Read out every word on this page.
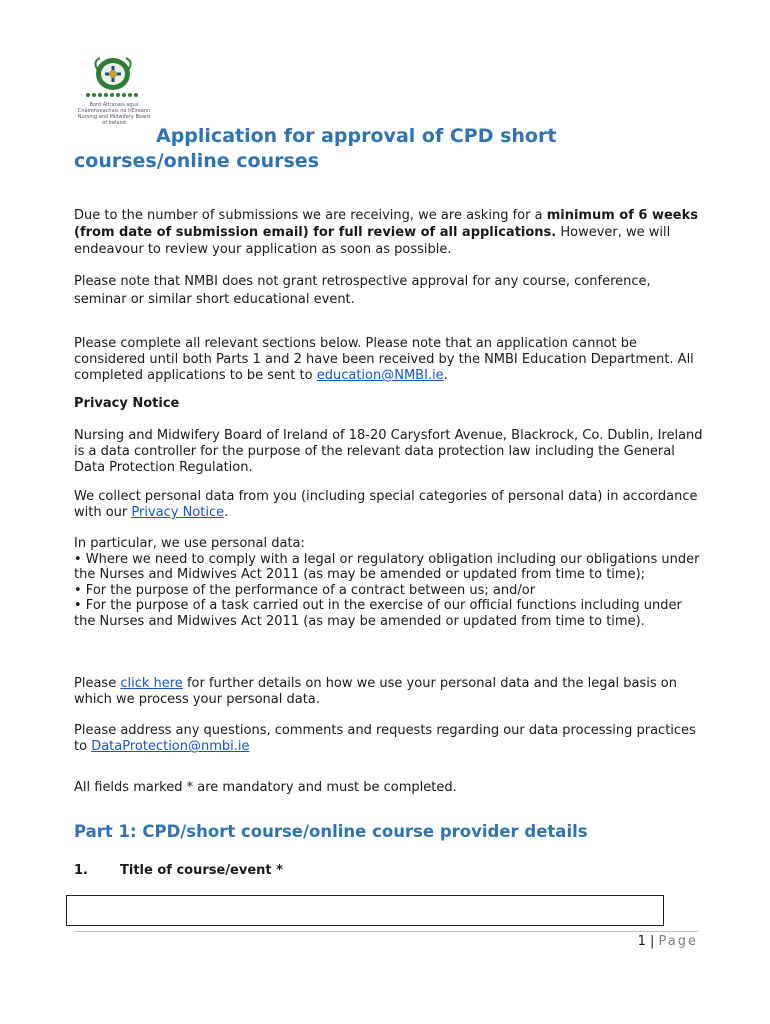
Bord Altranais agus
Cnáimhseachais na hÉireann
Nursing and Midwifery Board
of Ireland
Application for approval of CPD short
courses/online courses

Due to the number of submissions we are receiving, we are asking for a minimum of 6 weeks (from date of submission email) for full review of all applications. However, we will endeavour to review your application as soon as possible.

Please note that NMBI does not grant retrospective approval for any course, conference, seminar or similar short educational event.

Please complete all relevant sections below. Please note that an application cannot be considered until both Parts 1 and 2 have been received by the NMBI Education Department. All completed applications to be sent to education@NMBI.ie.

Privacy Notice

Nursing and Midwifery Board of Ireland of 18-20 Carysfort Avenue, Blackrock, Co. Dublin, Ireland is a data controller for the purpose of the relevant data protection law including the General Data Protection Regulation.

We collect personal data from you (including special categories of personal data) in accordance with our Privacy Notice.

In particular, we use personal data:
• Where we need to comply with a legal or regulatory obligation including our obligations under the Nurses and Midwives Act 2011 (as may be amended or updated from time to time);
• For the purpose of the performance of a contract between us; and/or
• For the purpose of a task carried out in the exercise of our official functions including under the Nurses and Midwives Act 2011 (as may be amended or updated from time to time).

Please click here for further details on how we use your personal data and the legal basis on which we process your personal data.

Please address any questions, comments and requests regarding our data processing practices to DataProtection@nmbi.ie

All fields marked * are mandatory and must be completed.

Part 1: CPD/short course/online course provider details
1. Title of course/event *
1 | Page
